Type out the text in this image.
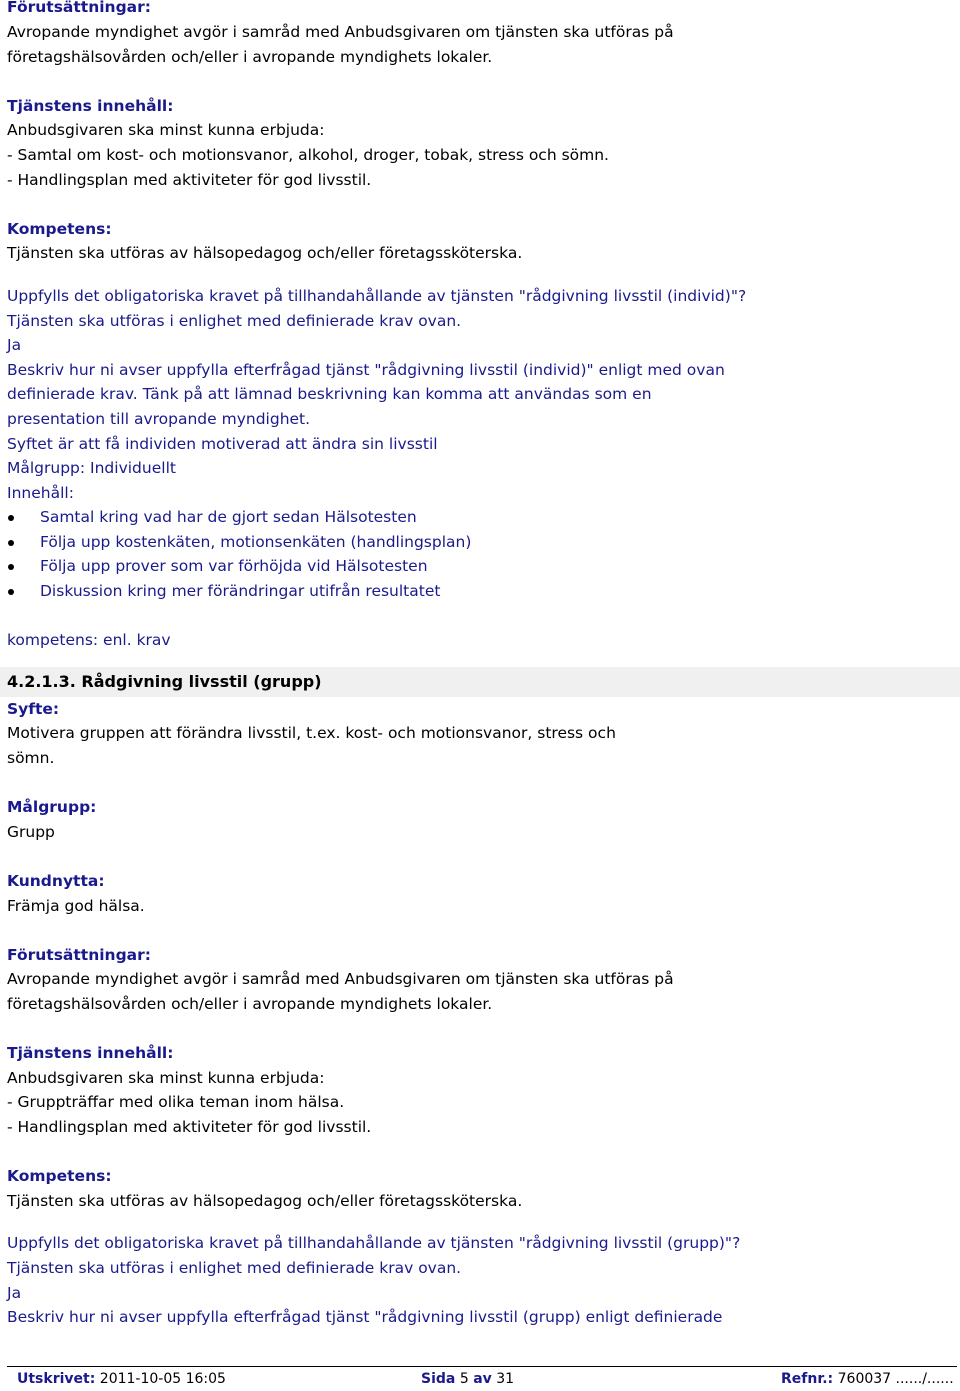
Förutsättningar:
Avropande myndighet avgör i samråd med Anbudsgivaren om tjänsten ska utföras på
företagshälsovården och/eller i avropande myndighets lokaler.
Tjänstens innehåll:
Anbudsgivaren ska minst kunna erbjuda:
- Samtal om kost- och motionsvanor, alkohol, droger, tobak, stress och sömn.
- Handlingsplan med aktiviteter för god livsstil.
Kompetens:
Tjänsten ska utföras av hälsopedagog och/eller företagssköterska.
Uppfylls det obligatoriska kravet på tillhandahållande av tjänsten "rådgivning livsstil (individ)"?
Tjänsten ska utföras i enlighet med definierade krav ovan.
Ja
Beskriv hur ni avser uppfylla efterfrågad tjänst "rådgivning livsstil (individ)" enligt med ovan
definierade krav. Tänk på att lämnad beskrivning kan komma att användas som en
presentation till avropande myndighet.
Syftet är att få individen motiverad att ändra sin livsstil
Målgrupp: Individuellt
Innehåll:
Samtal kring vad har de gjort sedan Hälsotesten
Följa upp kostenkäten, motionsenkäten (handlingsplan)
Följa upp prover som var förhöjda vid Hälsotesten
Diskussion kring mer förändringar utifrån resultatet
kompetens: enl. krav
4.2.1.3. Rådgivning livsstil (grupp)
Syfte:
Motivera gruppen att förändra livsstil, t.ex. kost- och motionsvanor, stress och
sömn.
Målgrupp:
Grupp
Kundnytta:
Främja god hälsa.
Förutsättningar:
Avropande myndighet avgör i samråd med Anbudsgivaren om tjänsten ska utföras på
företagshälsovården och/eller i avropande myndighets lokaler.
Tjänstens innehåll:
Anbudsgivaren ska minst kunna erbjuda:
- Gruppträffar med olika teman inom hälsa.
- Handlingsplan med aktiviteter för god livsstil.
Kompetens:
Tjänsten ska utföras av hälsopedagog och/eller företagssköterska.
Uppfylls det obligatoriska kravet på tillhandahållande av tjänsten "rådgivning livsstil (grupp)"?
Tjänsten ska utföras i enlighet med definierade krav ovan.
Ja
Beskriv hur ni avser uppfylla efterfrågad tjänst "rådgivning livsstil (grupp) enligt definierade
Utskrivet: 2011-10-05 16:05	Sida 5 av 31	Refnr.: 760037 ....../......
